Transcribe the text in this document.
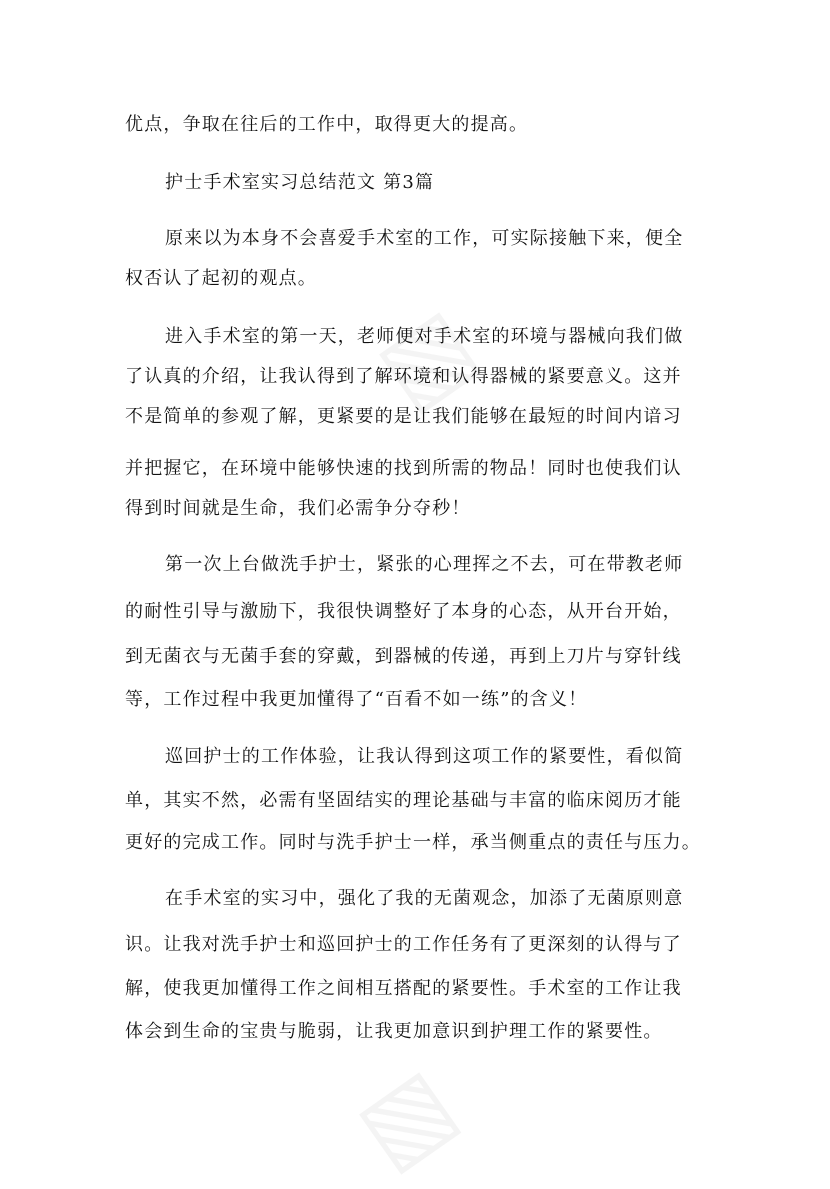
▧
▧
优点，争取在往后的工作中，取得更大的提高。
护士手术室实习总结范文 第3篇
原来以为本身不会喜爱手术室的工作，可实际接触下来，便全
权否认了起初的观点。
进入手术室的第一天，老师便对手术室的环境与器械向我们做
了认真的介绍，让我认得到了解环境和认得器械的紧要意义。这并
不是简单的参观了解，更紧要的是让我们能够在最短的时间内谙习
并把握它，在环境中能够快速的找到所需的物品！同时也使我们认
得到时间就是生命，我们必需争分夺秒！
第一次上台做洗手护士，紧张的心理挥之不去，可在带教老师
的耐性引导与激励下，我很快调整好了本身的心态，从开台开始，
到无菌衣与无菌手套的穿戴，到器械的传递，再到上刀片与穿针线
等，工作过程中我更加懂得了“百看不如一练”的含义！
巡回护士的工作体验，让我认得到这项工作的紧要性，看似简
单，其实不然，必需有坚固结实的理论基础与丰富的临床阅历才能
更好的完成工作。同时与洗手护士一样，承当侧重点的责任与压力。
在手术室的实习中，强化了我的无菌观念，加添了无菌原则意
识。让我对洗手护士和巡回护士的工作任务有了更深刻的认得与了
解，使我更加懂得工作之间相互搭配的紧要性。手术室的工作让我
体会到生命的宝贵与脆弱，让我更加意识到护理工作的紧要性。
